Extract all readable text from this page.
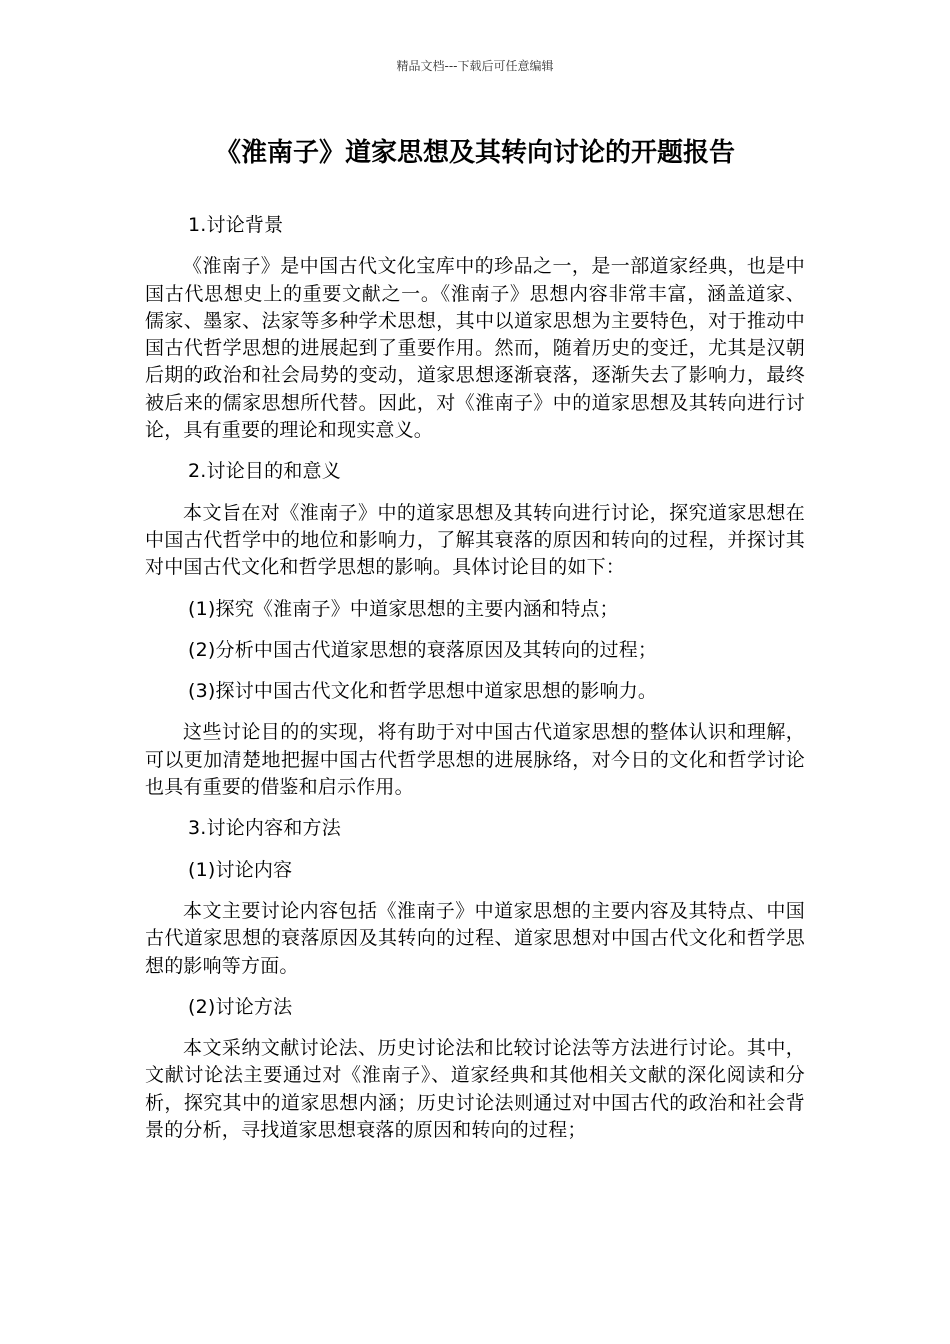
精品文档---下载后可任意编辑
《淮南子》道家思想及其转向讨论的开题报告

1.讨论背景

《淮南子》是中国古代文化宝库中的珍品之一，是一部道家经典，也是中国古代思想史上的重要文献之一。《淮南子》思想内容非常丰富，涵盖道家、儒家、墨家、法家等多种学术思想，其中以道家思想为主要特色，对于推动中国古代哲学思想的进展起到了重要作用。然而，随着历史的变迁，尤其是汉朝后期的政治和社会局势的变动，道家思想逐渐衰落，逐渐失去了影响力，最终被后来的儒家思想所代替。因此，对《淮南子》中的道家思想及其转向进行讨论，具有重要的理论和现实意义。

2.讨论目的和意义

本文旨在对《淮南子》中的道家思想及其转向进行讨论，探究道家思想在中国古代哲学中的地位和影响力，了解其衰落的原因和转向的过程，并探讨其对中国古代文化和哲学思想的影响。具体讨论目的如下：

(1)探究《淮南子》中道家思想的主要内涵和特点；

(2)分析中国古代道家思想的衰落原因及其转向的过程；

(3)探讨中国古代文化和哲学思想中道家思想的影响力。

这些讨论目的的实现，将有助于对中国古代道家思想的整体认识和理解，可以更加清楚地把握中国古代哲学思想的进展脉络，对今日的文化和哲学讨论也具有重要的借鉴和启示作用。

3.讨论内容和方法

(1)讨论内容

本文主要讨论内容包括《淮南子》中道家思想的主要内容及其特点、中国古代道家思想的衰落原因及其转向的过程、道家思想对中国古代文化和哲学思想的影响等方面。

(2)讨论方法

本文采纳文献讨论法、历史讨论法和比较讨论法等方法进行讨论。其中，文献讨论法主要通过对《淮南子》、道家经典和其他相关文献的深化阅读和分析，探究其中的道家思想内涵；历史讨论法则通过对中国古代的政治和社会背景的分析，寻找道家思想衰落的原因和转向的过程；
